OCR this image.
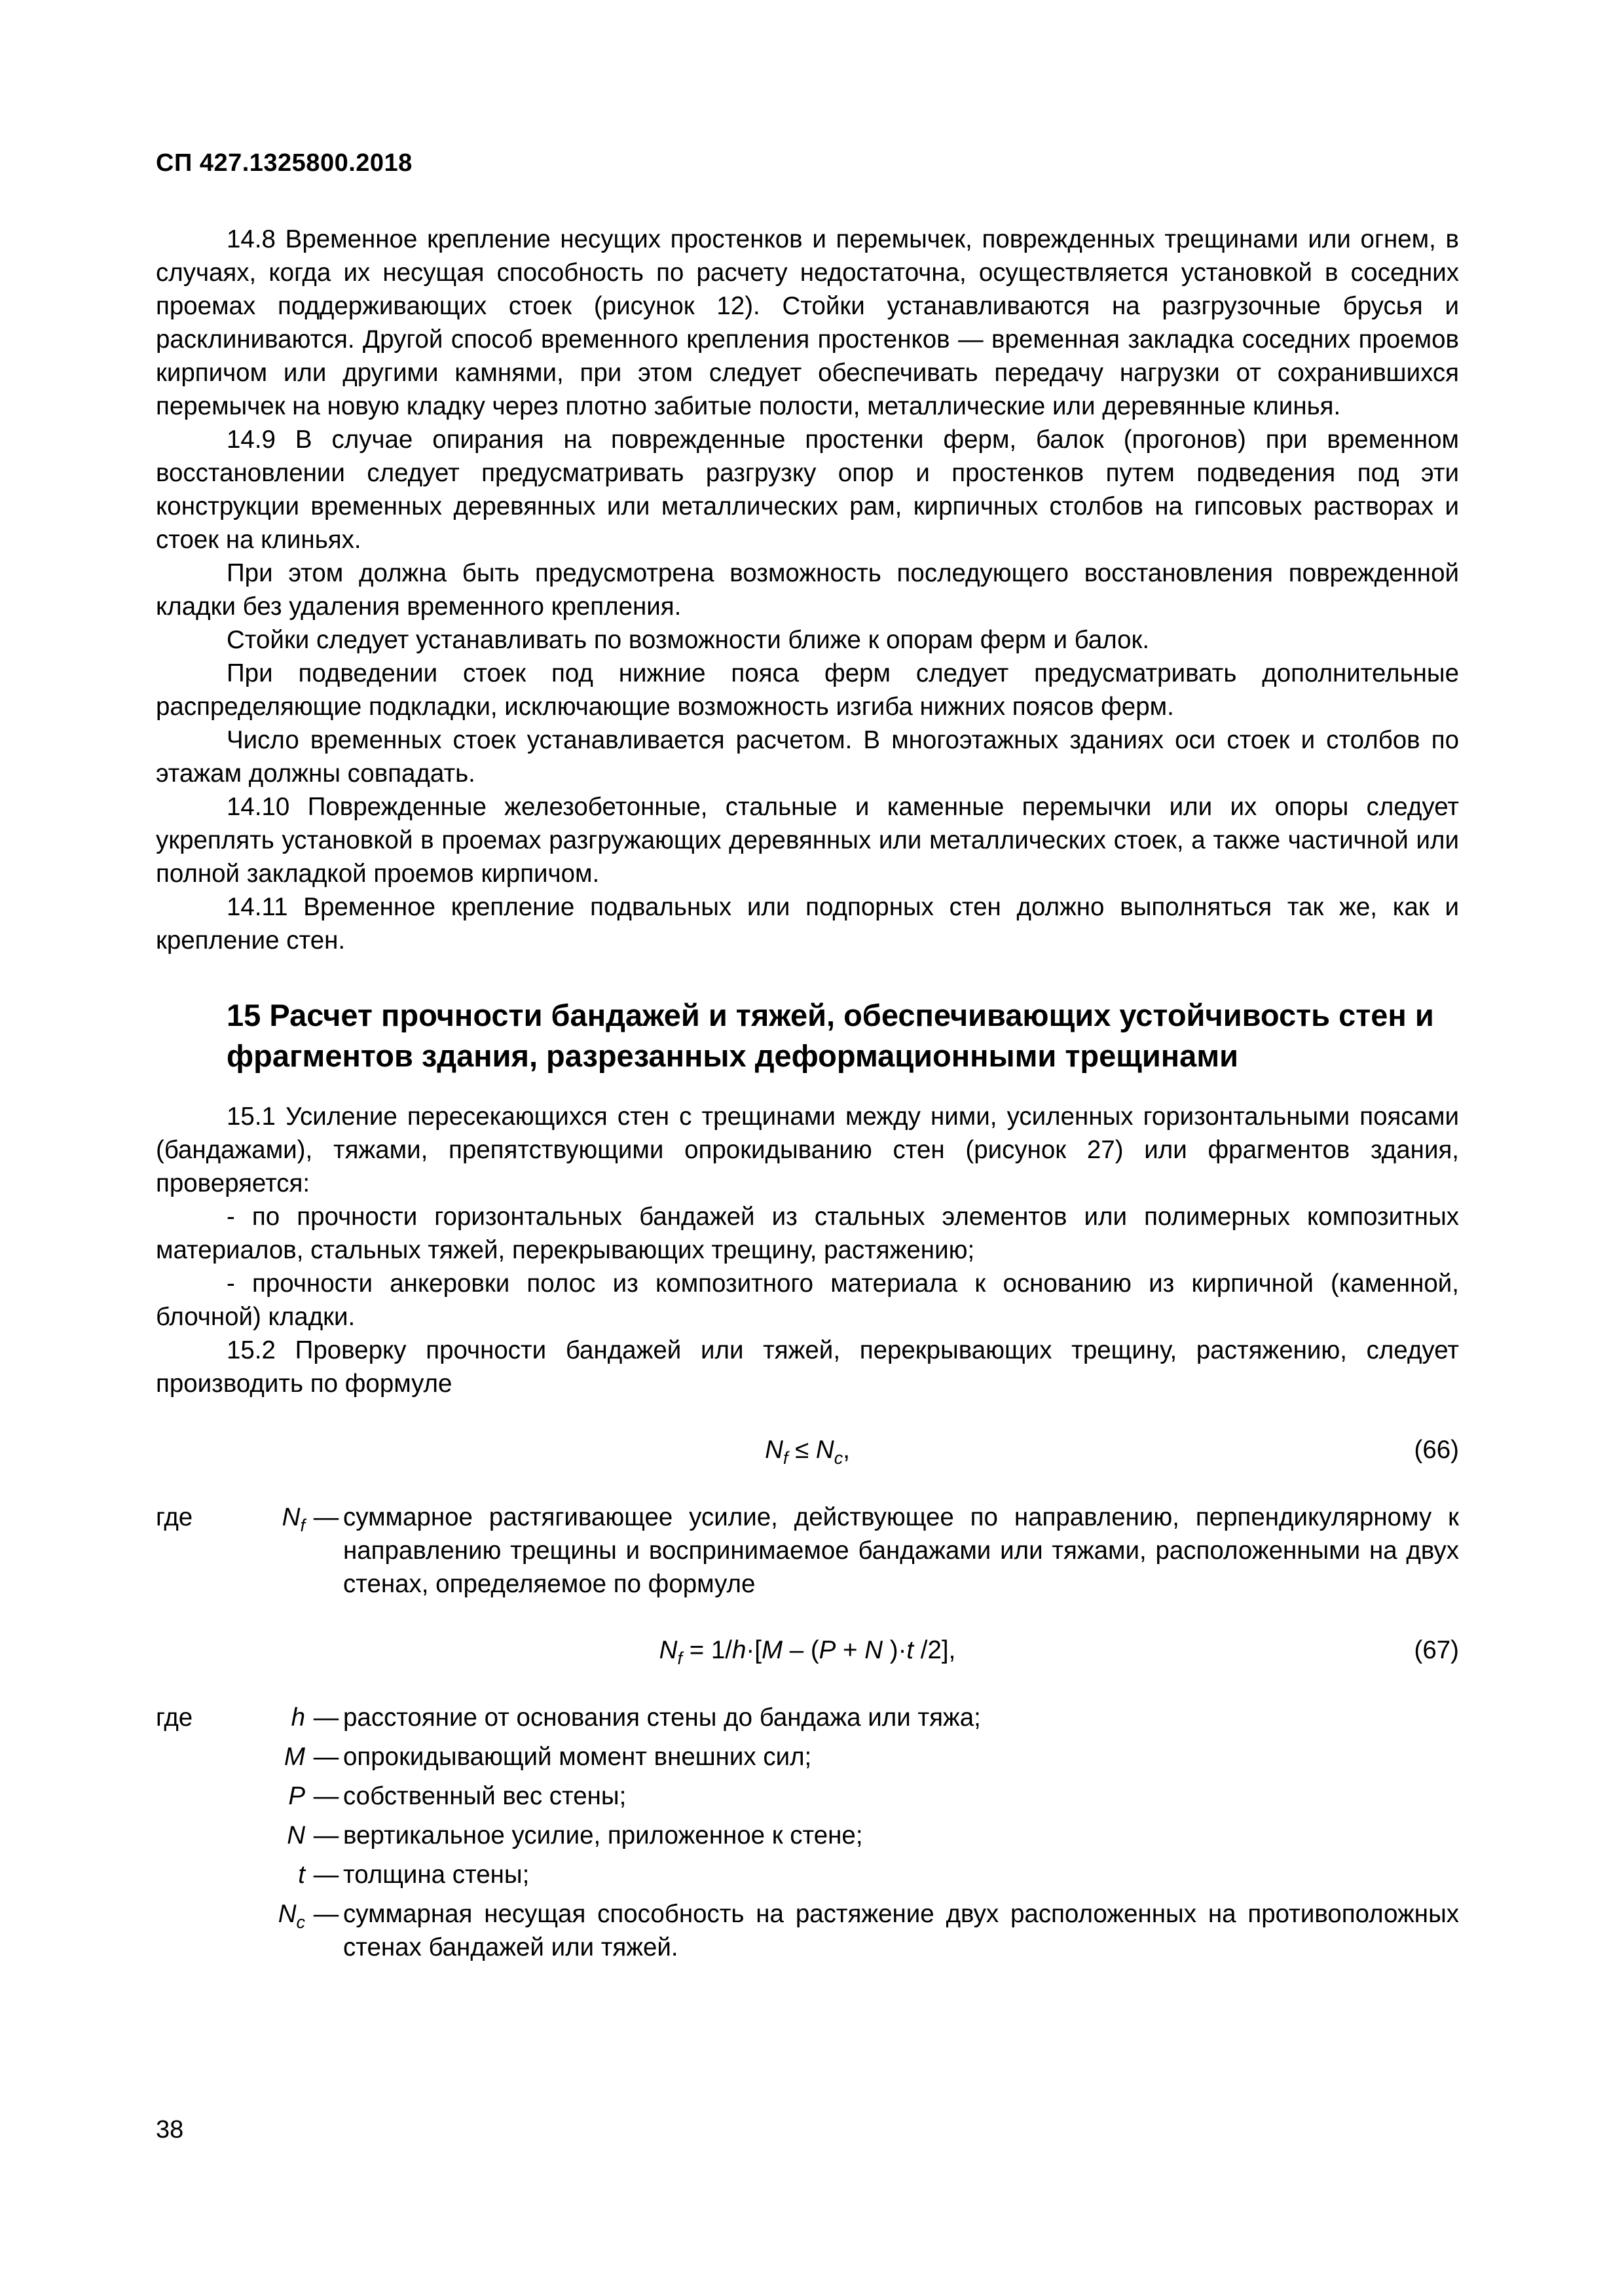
СП 427.1325800.2018

14.8 Временное крепление несущих простенков и перемычек, поврежденных трещинами или огнем, в случаях, когда их несущая способность по расчету недостаточна, осуществляется установкой в соседних проемах поддерживающих стоек (рисунок 12). Стойки устанавливаются на разгрузочные брусья и расклиниваются. Другой способ временного крепления простенков — временная закладка соседних проемов кирпичом или другими камнями, при этом следует обеспечивать передачу нагрузки от сохранившихся перемычек на новую кладку через плотно забитые полости, металлические или деревянные клинья.

14.9 В случае опирания на поврежденные простенки ферм, балок (прогонов) при временном восстановлении следует предусматривать разгрузку опор и простенков путем подведения под эти конструкции временных деревянных или металлических рам, кирпичных столбов на гипсовых растворах и стоек на клиньях.

При этом должна быть предусмотрена возможность последующего восстановления поврежденной кладки без удаления временного крепления.

Стойки следует устанавливать по возможности ближе к опорам ферм и балок.

При подведении стоек под нижние пояса ферм следует предусматривать дополнительные распределяющие подкладки, исключающие возможность изгиба нижних поясов ферм.

Число временных стоек устанавливается расчетом. В многоэтажных зданиях оси стоек и столбов по этажам должны совпадать.

14.10 Поврежденные железобетонные, стальные и каменные перемычки или их опоры следует укреплять установкой в проемах разгружающих деревянных или металлических стоек, а также частичной или полной закладкой проемов кирпичом.

14.11 Временное крепление подвальных или подпорных стен должно выполняться так же, как и крепление стен.

15 Расчет прочности бандажей и тяжей, обеспечивающих устойчивость стен и фрагментов здания, разрезанных деформационными трещинами

15.1 Усиление пересекающихся стен с трещинами между ними, усиленных горизонтальными поясами (бандажами), тяжами, препятствующими опрокидыванию стен (рисунок 27) или фрагментов здания, проверяется:

- по прочности горизонтальных бандажей из стальных элементов или полимерных композитных материалов, стальных тяжей, перекрывающих трещину, растяжению;

- прочности анкеровки полос из композитного материала к основанию из кирпичной (каменной, блочной) кладки.

15.2 Проверку прочности бандажей или тяжей, перекрывающих трещину, растяжению, следует производить по формуле

$N_f \le N_c$,	(66)
где	$N_f$	—	суммарное растягивающее усилие, действующее по направлению, перпендикулярному к направлению трещины и воспринимаемое бандажами или тяжами, расположенными на двух стенах, определяемое по формуле
$N_f = 1/h\cdot[M - (P + N$ )·t /2],	(67)
где	h	—	расстояние от основания стены до бандажа или тяжа;
	M	—	опрокидывающий момент внешних сил;
	P	—	собственный вес стены;
	N	—	вертикальное усилие, приложенное к стене;
	t	—	толщина стены;
	$N_c$	—	суммарная несущая способность на растяжение двух расположенных на противоположных стенах бандажей или тяжей.
38
